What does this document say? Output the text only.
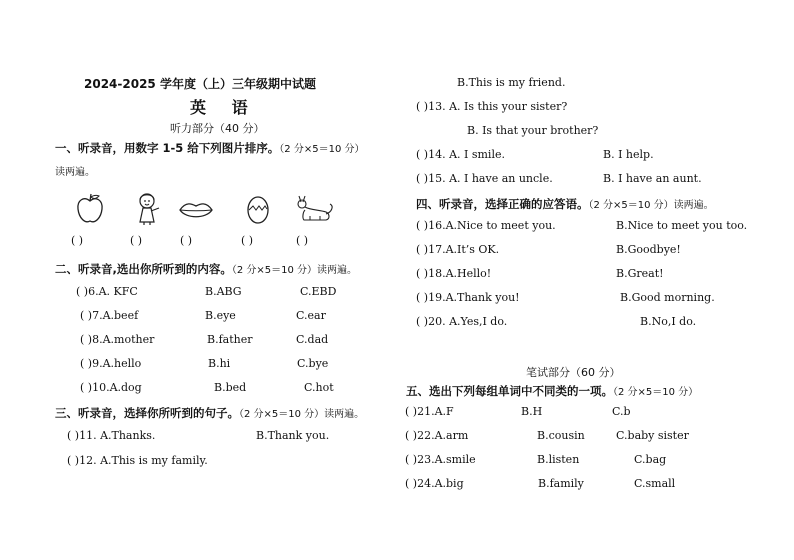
2024-2025 学年度（上）三年级期中试题
英 语
听力部分（40 分）
一、听录音，用数字 1-5 给下列图片排序。（2 分×5＝10 分）
读两遍。
( )	( )	( )	( )	( )
二、听录音,选出你所听到的内容。（2 分×5＝10 分）读两遍。
( )6.A. KFC	B.ABG	C.EBD
( )7.A.beef	B.eye	C.ear
( )8.A.mother	B.father	C.dad
( )9.A.hello	B.hi	C.bye
( )10.A.dog	B.bed	C.hot
三、听录音，选择你所听到的句子。（2 分×5＝10 分）读两遍。
( )11. A.Thanks.	B.Thank you.
( )12. A.This is my family.
B.This is my friend.
( )13. A. Is this your sister?
B. Is that your brother?
( )14. A. I smile.	B. I help.
( )15. A. I have an uncle.	B. I have an aunt.
四、听录音，选择正确的应答语。（2 分×5＝10 分）读两遍。
( )16.A.Nice to meet you.	B.Nice to meet you too.
( )17.A.It’s OK.	B.Goodbye!
( )18.A.Hello!	B.Great!
( )19.A.Thank you!	B.Good morning.
( )20. A.Yes,I do.	B.No,I do.
笔试部分（60 分）
五、选出下列每组单词中不同类的一项。（2 分×5＝10 分）
( )21.A.F	B.H	C.b
( )22.A.arm	B.cousin	C.baby sister
( )23.A.smile	B.listen	C.bag
( )24.A.big	B.family	C.small
